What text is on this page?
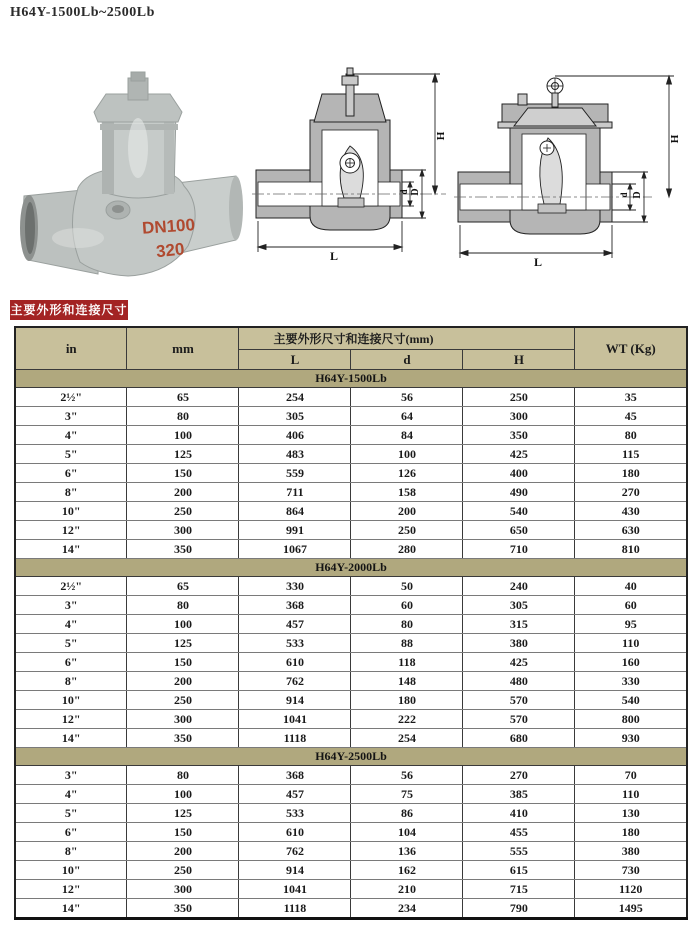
H64Y-1500Lb~2500Lb
DN100
320
H
d D
L
H
d D
L
主要外形和连接尺寸
in	mm	主要外形尺寸和连接尺寸(mm)			WT (Kg)
		L	d	H	
H64Y-1500Lb					
2½"	65	254	56	250	35
3"	80	305	64	300	45
4"	100	406	84	350	80
5"	125	483	100	425	115
6"	150	559	126	400	180
8"	200	711	158	490	270
10"	250	864	200	540	430
12"	300	991	250	650	630
14"	350	1067	280	710	810
H64Y-2000Lb					
2½"	65	330	50	240	40
3"	80	368	60	305	60
4"	100	457	80	315	95
5"	125	533	88	380	110
6"	150	610	118	425	160
8"	200	762	148	480	330
10"	250	914	180	570	540
12"	300	1041	222	570	800
14"	350	1118	254	680	930
H64Y-2500Lb					
3"	80	368	56	270	70
4"	100	457	75	385	110
5"	125	533	86	410	130
6"	150	610	104	455	180
8"	200	762	136	555	380
10"	250	914	162	615	730
12"	300	1041	210	715	1120
14"	350	1118	234	790	1495
